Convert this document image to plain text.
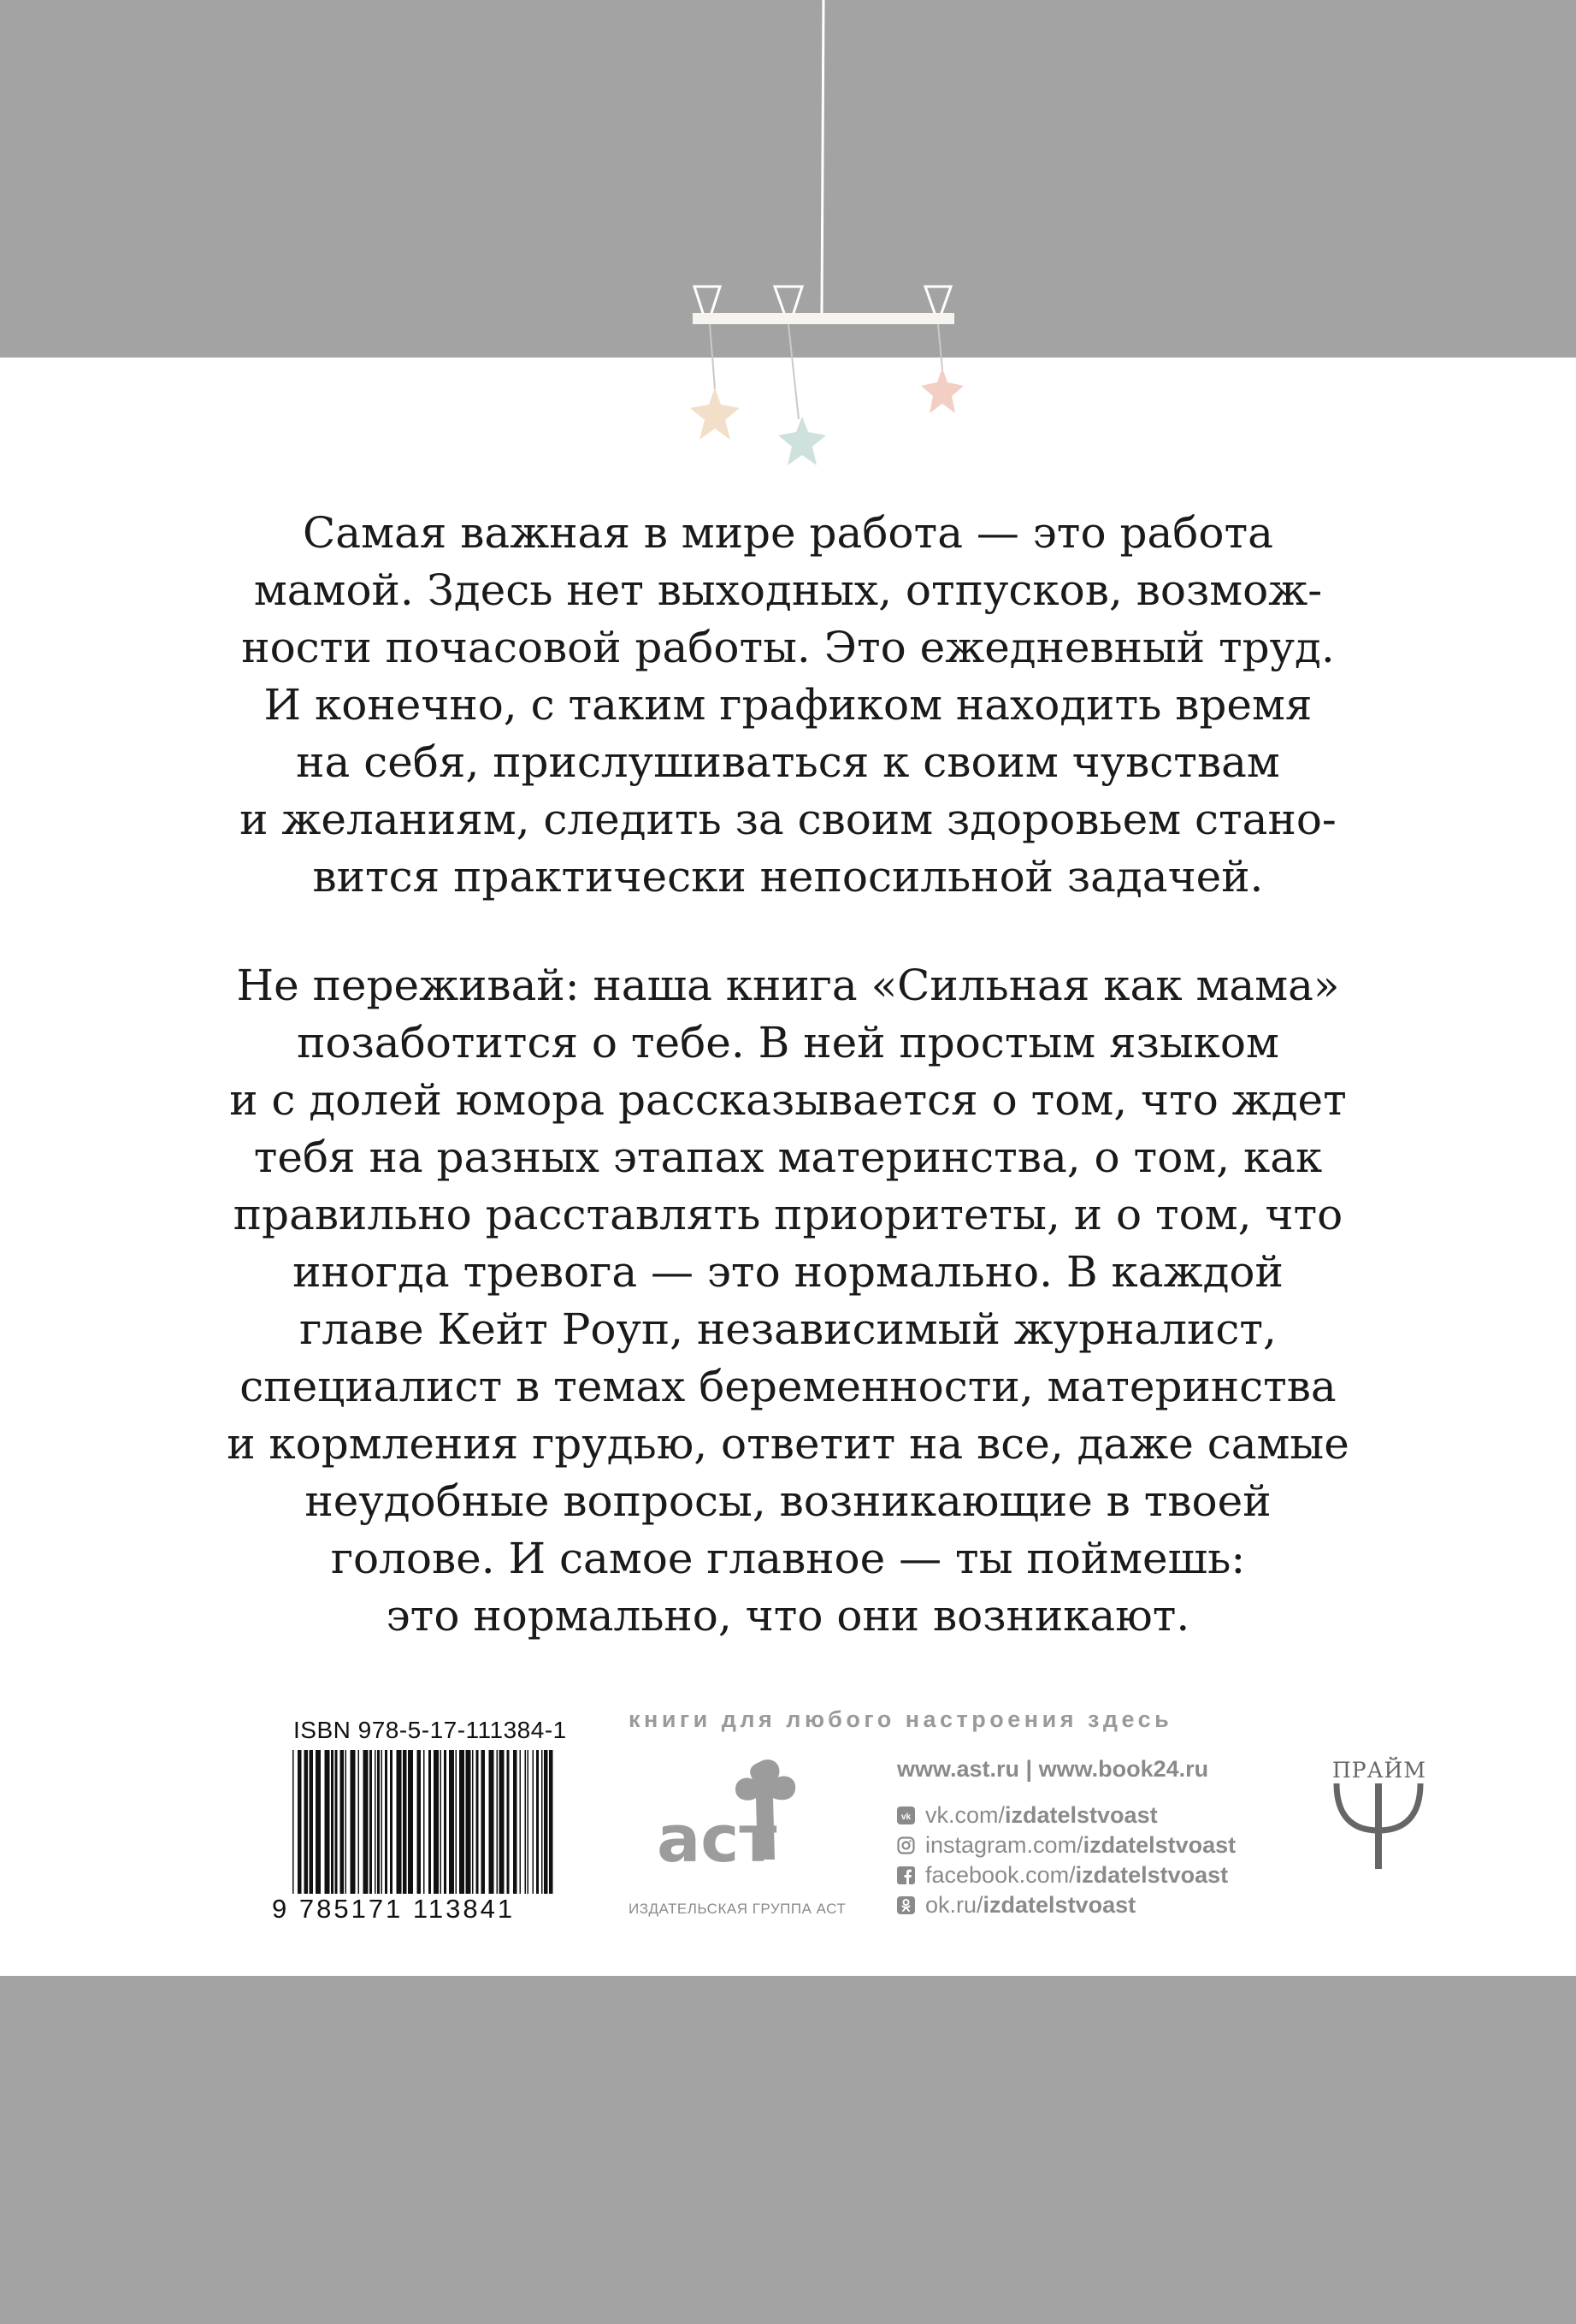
Самая важная в мире работа — это работа
мамой. Здесь нет выходных, отпусков, возмож-
ности почасовой работы. Это ежедневный труд.
И конечно, с таким графиком находить время
на себя, прислушиваться к своим чувствам
и желаниям, следить за своим здоровьем стано-
вится практически непосильной задачей.
Не переживай: наша книга «Сильная как мама»
позаботится о тебе. В ней простым языком
и с долей юмора рассказывается о том, что ждет
тебя на разных этапах материнства, о том, как
правильно расставлять приоритеты, и о том, что
иногда тревога — это нормально. В каждой
главе Кейт Роуп, независимый журналист,
специалист в темах беременности, материнства
и кормления грудью, ответит на все, даже самые
неудобные вопросы, возникающие в твоей
голове. И самое главное — ты поймешь:
это нормально, что они возникают.
ISBN 978-5-17-111384-1
9 785171 113841
книги для любого настроения здесь
аст
ИЗДАТЕЛЬСКАЯ ГРУППА АСТ
www.ast.ru | www.book24.ru
vk vk.com/ izdatelstvoast
instagram.com/ izdatelstvoast
facebook.com/ izdatelstvoast
ok.ru/ izdatelstvoast
ПРАЙМ
